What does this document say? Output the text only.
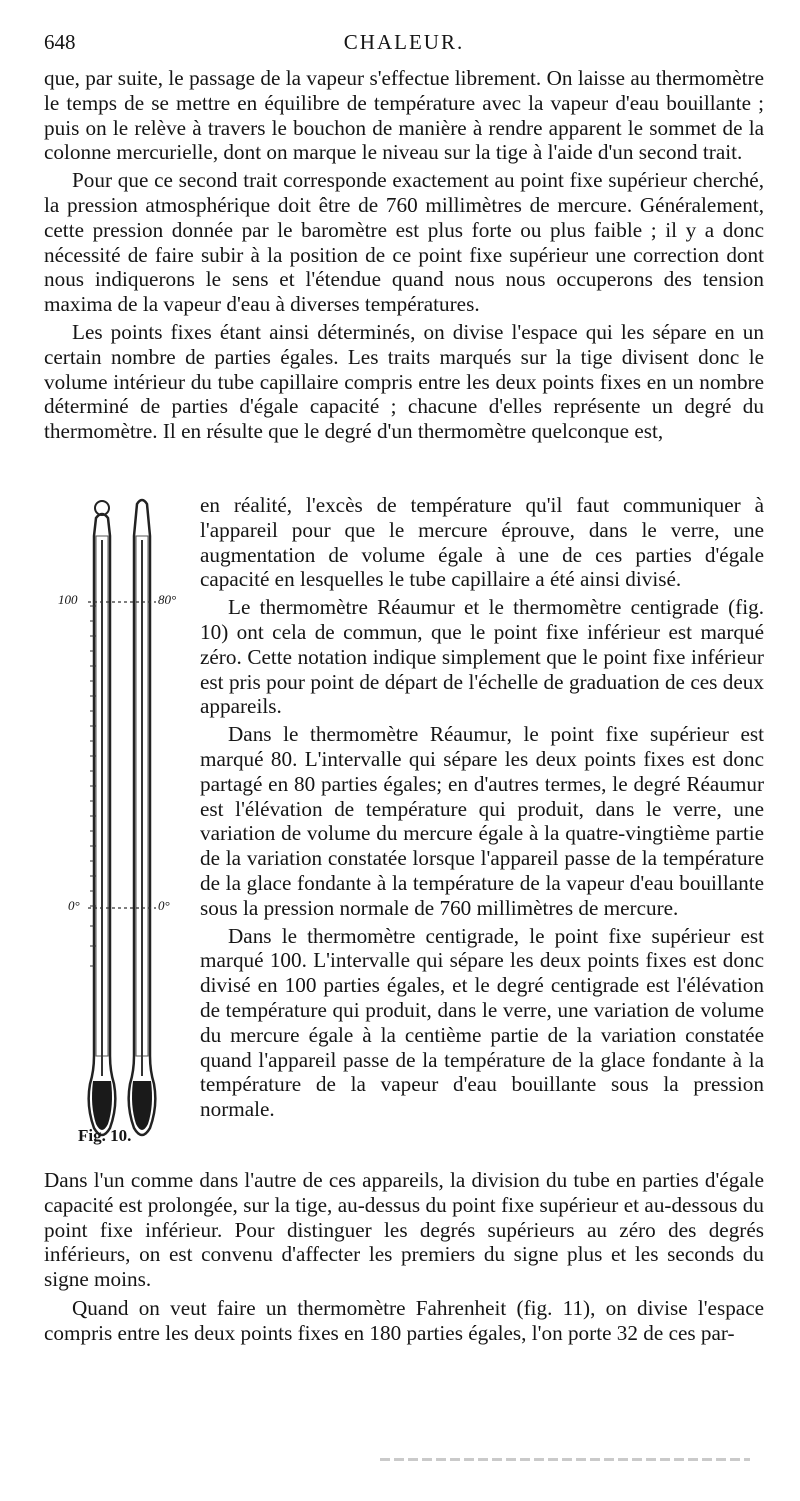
648	CHALEUR.

que, par suite, le passage de la vapeur s'effectue librement. On laisse au thermomètre le temps de se mettre en équilibre de température avec la vapeur d'eau bouillante ; puis on le relève à travers le bouchon de manière à rendre apparent le sommet de la colonne mercurielle, dont on marque le niveau sur la tige à l'aide d'un second trait.

Pour que ce second trait corresponde exactement au point fixe supérieur cherché, la pression atmosphérique doit être de 760 millimètres de mercure. Généralement, cette pression donnée par le baromètre est plus forte ou plus faible ; il y a donc nécessité de faire subir à la position de ce point fixe supérieur une correction dont nous indiquerons le sens et l'étendue quand nous nous occuperons des tension maxima de la vapeur d'eau à diverses températures.

Les points fixes étant ainsi déterminés, on divise l'espace qui les sépare en un certain nombre de parties égales. Les traits marqués sur la tige divisent donc le volume intérieur du tube capillaire compris entre les deux points fixes en un nombre déterminé de parties d'égale capacité ; chacune d'elles représente un degré du thermomètre. Il en résulte que le degré d'un thermomètre quelconque est,

100	80°
0°	0°
Fig. 10.

en réalité, l'excès de température qu'il faut communiquer à l'appareil pour que le mercure éprouve, dans le verre, une augmentation de volume égale à une de ces parties d'égale capacité en lesquelles le tube capillaire a été ainsi divisé.

Le thermomètre Réaumur et le thermomètre centigrade (fig. 10) ont cela de commun, que le point fixe inférieur est marqué zéro. Cette notation indique simplement que le point fixe inférieur est pris pour point de départ de l'échelle de graduation de ces deux appareils.

Dans le thermomètre Réaumur, le point fixe supérieur est marqué 80. L'intervalle qui sépare les deux points fixes est donc partagé en 80 parties égales; en d'autres termes, le degré Réaumur est l'élévation de température qui produit, dans le verre, une variation de volume du mercure égale à la quatre-vingtième partie de la variation constatée lorsque l'appareil passe de la température de la glace fondante à la température de la vapeur d'eau bouillante sous la pression normale de 760 millimètres de mercure.

Dans le thermomètre centigrade, le point fixe supérieur est marqué 100. L'intervalle qui sépare les deux points fixes est donc divisé en 100 parties égales, et le degré centigrade est l'élévation de température qui produit, dans le verre, une variation de volume du mercure égale à la centième partie de la variation constatée quand l'appareil passe de la température de la glace fondante à la température de la vapeur d'eau bouillante sous la pression normale.

Dans l'un comme dans l'autre de ces appareils, la division du tube en parties d'égale capacité est prolongée, sur la tige, au-dessus du point fixe supérieur et au-dessous du point fixe inférieur. Pour distinguer les degrés supérieurs au zéro des degrés inférieurs, on est convenu d'affecter les premiers du signe plus et les seconds du signe moins.

Quand on veut faire un thermomètre Fahrenheit (fig. 11), on divise l'espace compris entre les deux points fixes en 180 parties égales, l'on porte 32 de ces par-
